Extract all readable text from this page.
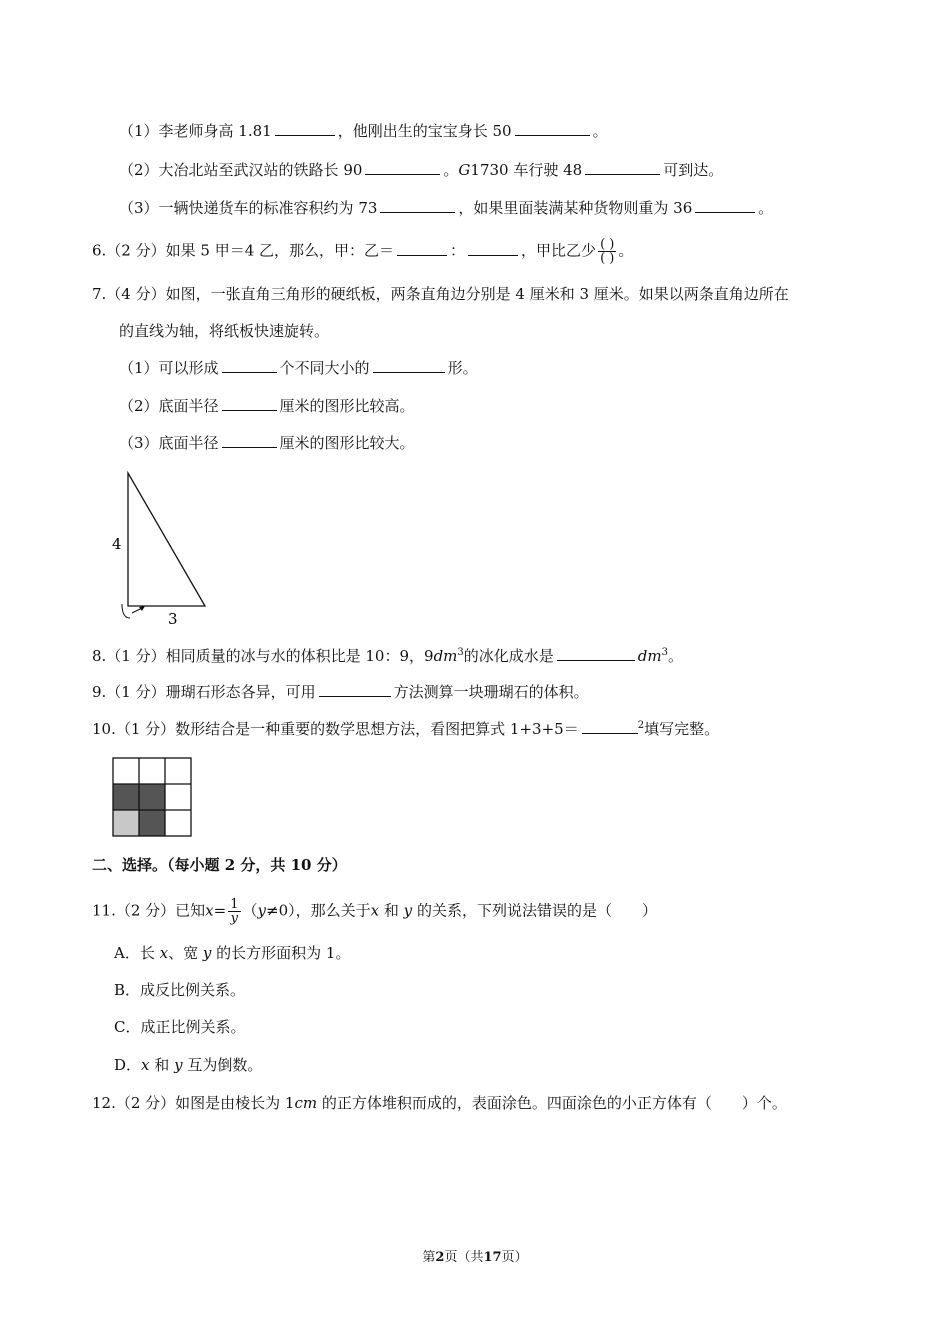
（1）李老师身高 1.81	，他刚出生的宝宝身长 50	。
（2）大冶北站至武汉站的铁路长 90	。G1730 车行驶 48	可到达。
（3）一辆快递货车的标准容积约为 73	，如果里面装满某种货物则重为 36	。
6.（2 分）如果 5 甲＝4 乙，那么，甲：乙＝	：	，甲比乙少 $\frac{( )}{( )}$ 。
7.（4 分）如图，一张直角三角形的硬纸板，两条直角边分别是 4 厘米和 3 厘米。如果以两条直角边所在
的直线为轴，将纸板快速旋转。
（1）可以形成	个不同大小的	形。
（2）底面半径	厘米的图形比较高。
（3）底面半径	厘米的图形比较大。
4
3
8.（1 分）相同质量的冰与水的体积比是 10：9，$9dm^3$的冰化成水是	$dm^3$。
9.（1 分）珊瑚石形态各异，可用	方法测算一块珊瑚石的体积。
10.（1 分）数形结合是一种重要的数学思想方法，看图把算式 1+3+5＝	$^2$填写完整。
二、选择。（每小题 2 分，共 10 分）
11.（2 分）已知$x= \frac{1}{y} (y\ne 0)$，那么关于x 和 y 的关系，下列说法错误的是（　　）
A．长 x、宽 y 的长方形面积为 1。
B．成反比例关系。
C．成正比例关系。
D．x 和 y 互为倒数。
12.（2 分）如图是由棱长为 1cm 的正方体堆积而成的，表面涂色。四面涂色的小正方体有（　　）个。
第2页（共17页）
